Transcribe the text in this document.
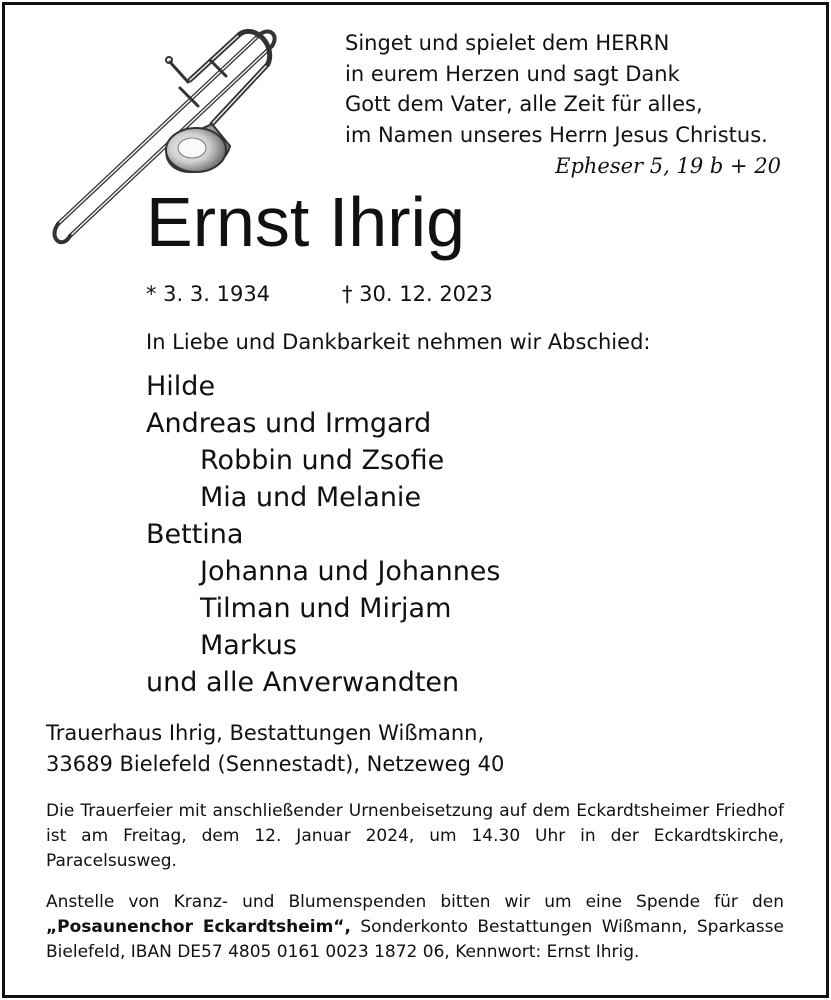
Singet und spielet dem HERRN
in eurem Herzen und sagt Dank
Gott dem Vater, alle Zeit für alles,
im Namen unseres Herrn Jesus Christus.
Epheser 5, 19 b + 20
Ernst Ihrig
* 3. 3. 1934	† 30. 12. 2023
In Liebe und Dankbarkeit nehmen wir Abschied:
Hilde
Andreas und Irmgard
Robbin und Zsofie
Mia und Melanie
Bettina
Johanna und Johannes
Tilman und Mirjam
Markus
und alle Anverwandten
Trauerhaus Ihrig, Bestattungen Wißmann,
33689 Bielefeld (Sennestadt), Netzeweg 40
Die Trauerfeier mit anschließender Urnenbeisetzung auf dem Eckardtsheimer Friedhof ist am Freitag, dem 12. Januar 2024, um 14.30 Uhr in der Eckardtskirche, Paracelsusweg.
Anstelle von Kranz- und Blumenspenden bitten wir um eine Spende für den „Posaunenchor Eckardtsheim“, Sonderkonto Bestattungen Wißmann, Sparkasse Bielefeld, IBAN DE57 4805 0161 0023 1872 06, Kennwort: Ernst Ihrig.
